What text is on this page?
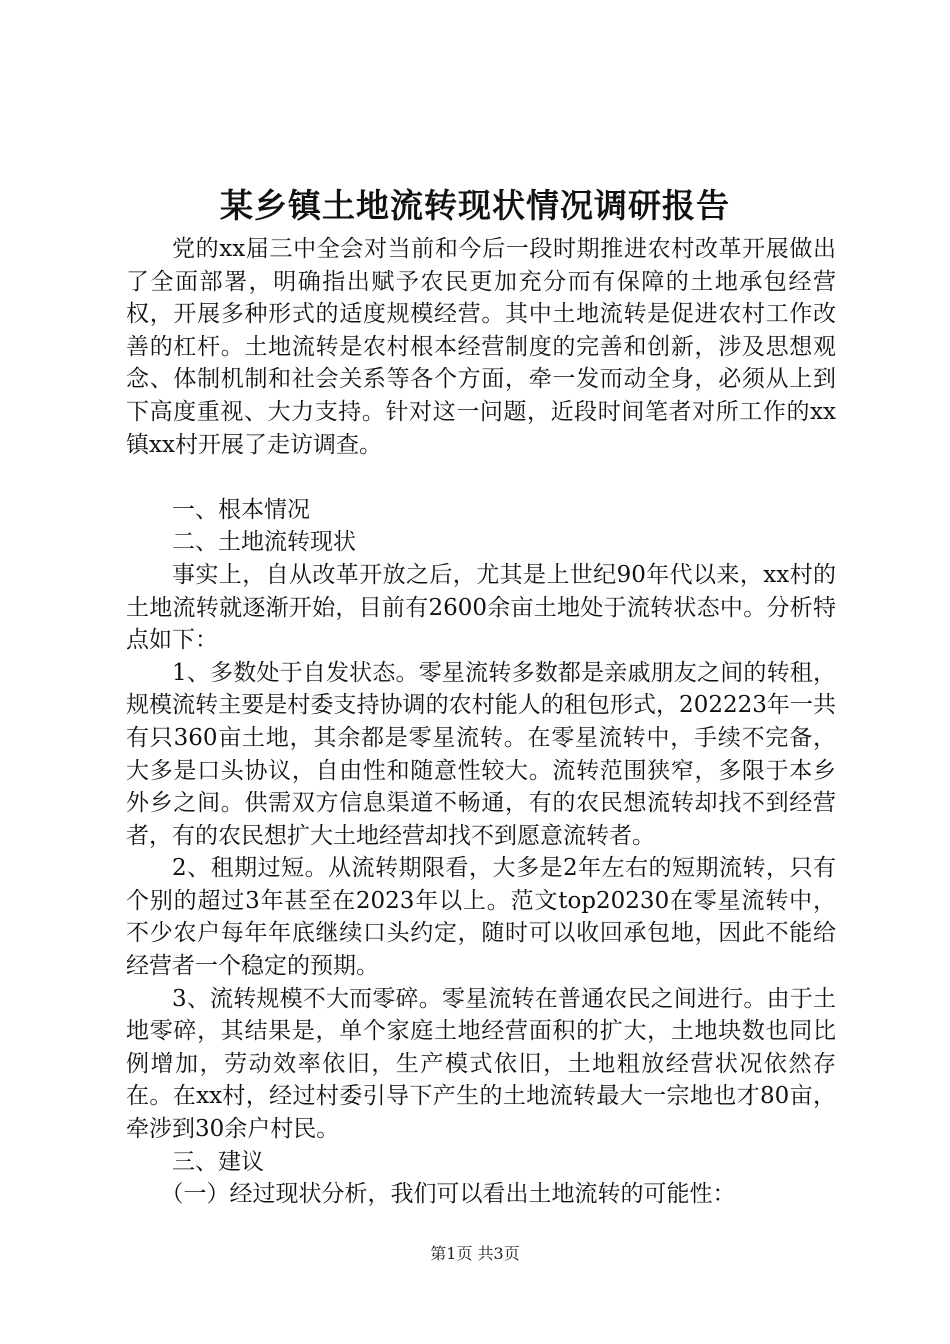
某乡镇土地流转现状情况调研报告

党的xx届三中全会对当前和今后一段时期推进农村改革开展做出了全面部署，明确指出赋予农民更加充分而有保障的土地承包经营权，开展多种形式的适度规模经营。其中土地流转是促进农村工作改善的杠杆。土地流转是农村根本经营制度的完善和创新，涉及思想观念、体制机制和社会关系等各个方面，牵一发而动全身，必须从上到下高度重视、大力支持。针对这一问题，近段时间笔者对所工作的xx镇xx村开展了走访调查。

一、根本情况

二、土地流转现状

事实上，自从改革开放之后，尤其是上世纪90年代以来，xx村的土地流转就逐渐开始，目前有2600余亩土地处于流转状态中。分析特点如下：

1、多数处于自发状态。零星流转多数都是亲戚朋友之间的转租，规模流转主要是村委支持协调的农村能人的租包形式，202223年一共有只360亩土地，其余都是零星流转。在零星流转中，手续不完备，大多是口头协议，自由性和随意性较大。流转范围狭窄，多限于本乡外乡之间。供需双方信息渠道不畅通，有的农民想流转却找不到经营者，有的农民想扩大土地经营却找不到愿意流转者。

2、租期过短。从流转期限看，大多是2年左右的短期流转，只有个别的超过3年甚至在2023年以上。范文top20230在零星流转中，不少农户每年年底继续口头约定，随时可以收回承包地，因此不能给经营者一个稳定的预期。

3、流转规模不大而零碎。零星流转在普通农民之间进行。由于土地零碎，其结果是，单个家庭土地经营面积的扩大，土地块数也同比例增加，劳动效率依旧，生产模式依旧，土地粗放经营状况依然存在。在xx村，经过村委引导下产生的土地流转最大一宗地也才80亩，牵涉到30余户村民。

三、建议

（一）经过现状分析，我们可以看出土地流转的可能性：

第1页 共3页
